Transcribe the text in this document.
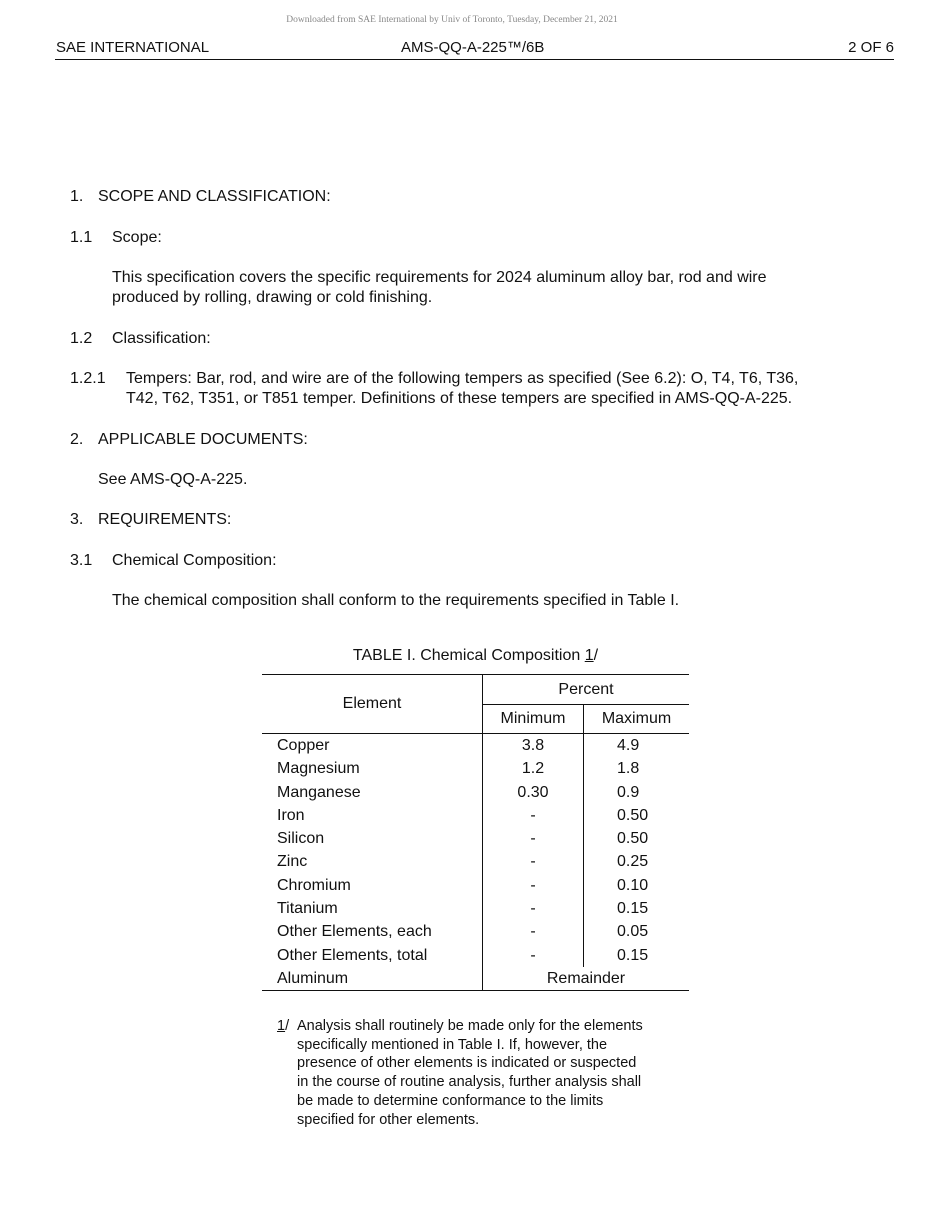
Downloaded from SAE International by Univ of Toronto, Tuesday, December 21, 2021
SAE INTERNATIONAL	AMS-QQ-A-225™/6B	2 OF 6
1. SCOPE AND CLASSIFICATION:
1.1 Scope:
This specification covers the specific requirements for 2024 aluminum alloy bar, rod and wire
produced by rolling, drawing or cold finishing.
1.2 Classification:
1.2.1 Tempers: Bar, rod, and wire are of the following tempers as specified (See 6.2): O, T4, T6, T36,
T42, T62, T351, or T851 temper. Definitions of these tempers are specified in AMS-QQ-A-225.
2. APPLICABLE DOCUMENTS:
See AMS-QQ-A-225.
3. REQUIREMENTS:
3.1 Chemical Composition:
The chemical composition shall conform to the requirements specified in Table I.
TABLE I. Chemical Composition 1/
Element	Percent	
	Minimum	Maximum
Copper	3.8	4.9
Magnesium	1.2	1.8
Manganese	0.30	0.9
Iron	-	0.50
Silicon	-	0.50
Zinc	-	0.25
Chromium	-	0.10
Titanium	-	0.15
Other Elements, each	-	0.05
Other Elements, total	-	0.15
Aluminum	Remainder	
1/ Analysis shall routinely be made only for the elements
specifically mentioned in Table I. If, however, the
presence of other elements is indicated or suspected
in the course of routine analysis, further analysis shall
be made to determine conformance to the limits
specified for other elements.
